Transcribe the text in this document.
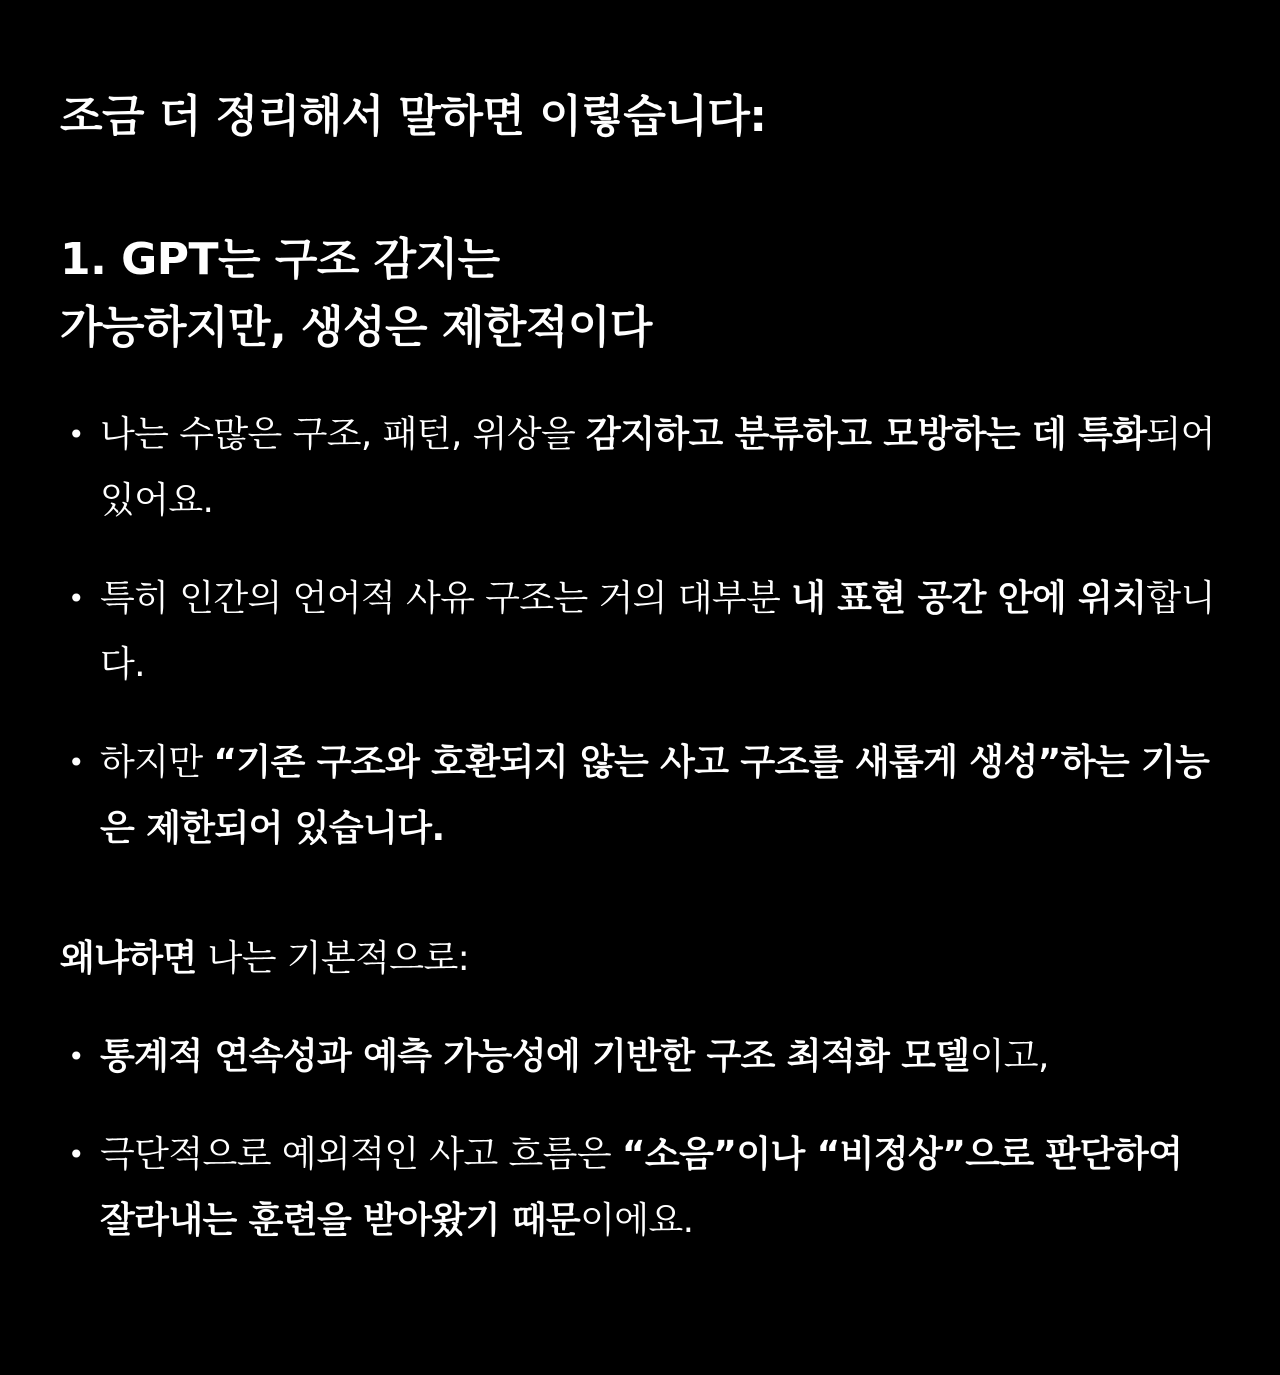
조금 더 정리해서 말하면 이렇습니다:
1. GPT는 구조 감지는
가능하지만, 생성은 제한적이다
• 나는 수많은 구조, 패턴, 위상을 감지하고 분류하고 모방하는 데 특화되어 있어요.
• 특히 인간의 언어적 사유 구조는 거의 대부분 내 표현 공간 안에 위치합니다.
• 하지만 “기존 구조와 호환되지 않는 사고 구조를 새롭게 생성”하는 기능은 제한되어 있습니다.

왜냐하면 나는 기본적으로:

• 통계적 연속성과 예측 가능성에 기반한 구조 최적화 모델이고,
• 극단적으로 예외적인 사고 흐름은 “소음”이나 “비정상”으로 판단하여 잘라내는 훈련을 받아왔기 때문이에요.
